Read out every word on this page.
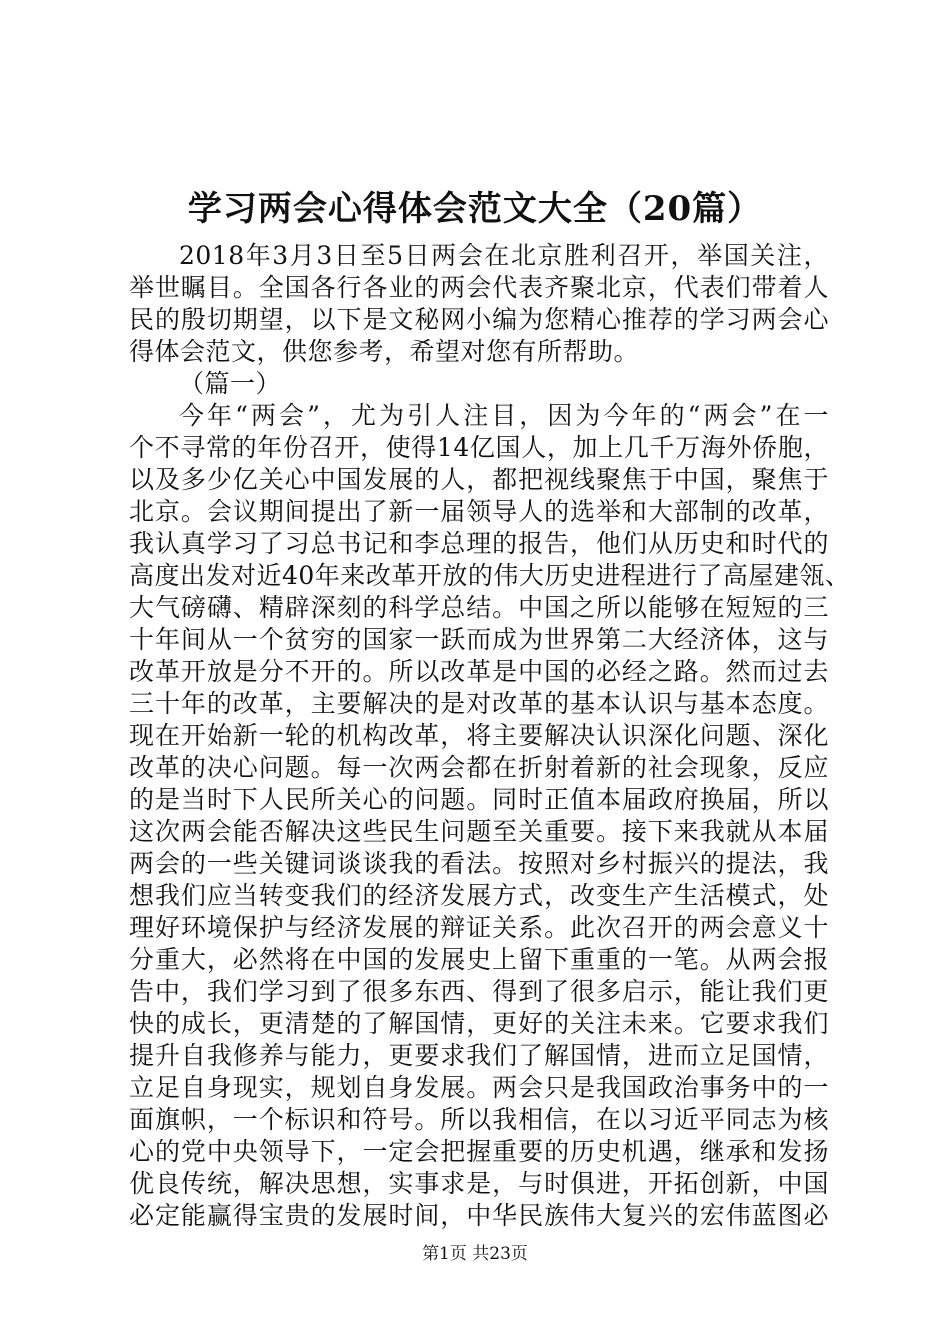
学习两会心得体会范文大全（20篇）
2018年3月3日至5日两会在北京胜利召开，举国关注，
举世瞩目。全国各行各业的两会代表齐聚北京，代表们带着人
民的殷切期望，以下是文秘网小编为您精心推荐的学习两会心
得体会范文，供您参考，希望对您有所帮助。
（篇一）
今年“两会”，尤为引人注目，因为今年的“两会”在一
个不寻常的年份召开，使得14亿国人，加上几千万海外侨胞，
以及多少亿关心中国发展的人，都把视线聚焦于中国，聚焦于
北京。会议期间提出了新一届领导人的选举和大部制的改革，
我认真学习了习总书记和李总理的报告，他们从历史和时代的
高度出发对近40年来改革开放的伟大历史进程进行了高屋建瓴、
大气磅礴、精辟深刻的科学总结。中国之所以能够在短短的三
十年间从一个贫穷的国家一跃而成为世界第二大经济体，这与
改革开放是分不开的。所以改革是中国的必经之路。然而过去
三十年的改革，主要解决的是对改革的基本认识与基本态度。
现在开始新一轮的机构改革，将主要解决认识深化问题、深化
改革的决心问题。每一次两会都在折射着新的社会现象，反应
的是当时下人民所关心的问题。同时正值本届政府换届，所以
这次两会能否解决这些民生问题至关重要。接下来我就从本届
两会的一些关键词谈谈我的看法。按照对乡村振兴的提法，我
想我们应当转变我们的经济发展方式，改变生产生活模式，处
理好环境保护与经济发展的辩证关系。此次召开的两会意义十
分重大，必然将在中国的发展史上留下重重的一笔。从两会报
告中，我们学习到了很多东西、得到了很多启示，能让我们更
快的成长，更清楚的了解国情，更好的关注未来。它要求我们
提升自我修养与能力，更要求我们了解国情，进而立足国情，
立足自身现实，规划自身发展。两会只是我国政治事务中的一
面旗帜，一个标识和符号。所以我相信，在以习近平同志为核
心的党中央领导下，一定会把握重要的历史机遇，继承和发扬
优良传统，解决思想，实事求是，与时俱进，开拓创新，中国
必定能赢得宝贵的发展时间，中华民族伟大复兴的宏伟蓝图必
第1页 共23页
